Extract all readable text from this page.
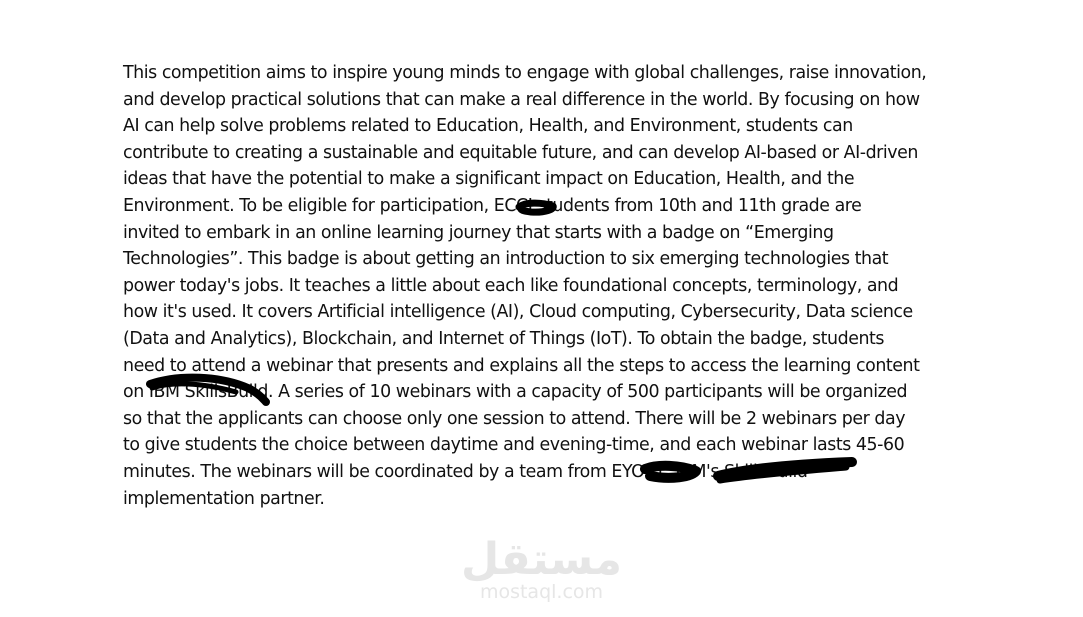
This competition aims to inspire young minds to engage with global challenges, raise innovation,
and develop practical solutions that can make a real difference in the world. By focusing on how
AI can help solve problems related to Education, Health, and Environment, students can
contribute to creating a sustainable and equitable future, and can develop AI-based or AI-driven
ideas that have the potential to make a significant impact on Education, Health, and the
Environment. To be eligible for participation, ECCI students from 10th and 11th grade are
invited to embark in an online learning journey that starts with a badge on “Emerging
Technologies”. This badge is about getting an introduction to six emerging technologies that
power today's jobs. It teaches a little about each like foundational concepts, terminology, and
how it's used. It covers Artificial intelligence (AI), Cloud computing, Cybersecurity, Data science
(Data and Analytics), Blockchain, and Internet of Things (IoT). To obtain the badge, students
need to attend a webinar that presents and explains all the steps to access the learning content
on IBM SkillsBuild. A series of 10 webinars with a capacity of 500 participants will be organized
so that the applicants can choose only one session to attend. There will be 2 webinars per day
to give students the choice between daytime and evening-time, and each webinar lasts 45-60
minutes. The webinars will be coordinated by a team from EYOST, IBM's SkillsBuild
implementation partner.
مستقل
mostaql.com
